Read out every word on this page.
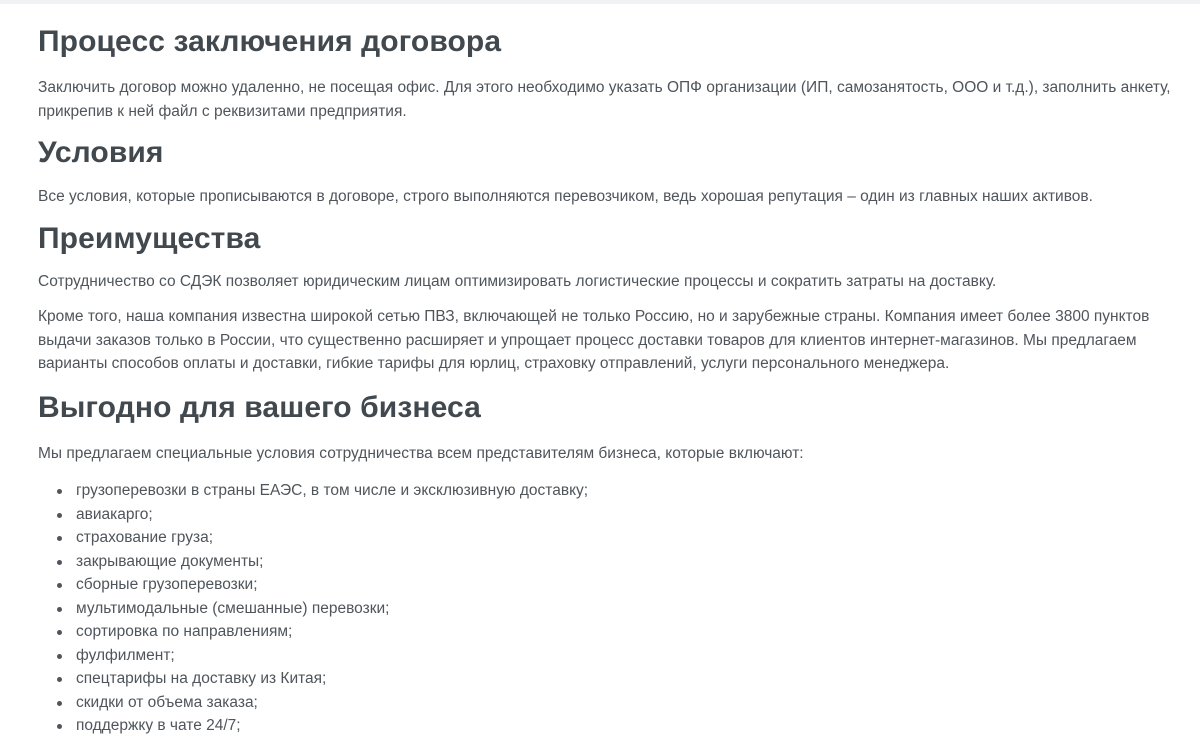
Процесс заключения договора

Заключить договор можно удаленно, не посещая офис. Для этого необходимо указать ОПФ организации (ИП, самозанятость, ООО и т.д.), заполнить анкету, прикрепив к ней файл с реквизитами предприятия.

Условия

Все условия, которые прописываются в договоре, строго выполняются перевозчиком, ведь хорошая репутация – один из главных наших активов.

Преимущества

Сотрудничество со СДЭК позволяет юридическим лицам оптимизировать логистические процессы и сократить затраты на доставку.

Кроме того, наша компания известна широкой сетью ПВЗ, включающей не только Россию, но и зарубежные страны. Компания имеет более 3800 пунктов выдачи заказов только в России, что существенно расширяет и упрощает процесс доставки товаров для клиентов интернет-магазинов. Мы предлагаем варианты способов оплаты и доставки, гибкие тарифы для юрлиц, страховку отправлений, услуги персонального менеджера.

Выгодно для вашего бизнеса

Мы предлагаем специальные условия сотрудничества всем представителям бизнеса, которые включают:

грузоперевозки в страны ЕАЭС, в том числе и эксклюзивную доставку;
авиакарго;
страхование груза;
закрывающие документы;
сборные грузоперевозки;
мультимодальные (смешанные) перевозки;
сортировка по направлениям;
фулфилмент;
спецтарифы на доставку из Китая;
скидки от объема заказа;
поддержку в чате 24/7;
